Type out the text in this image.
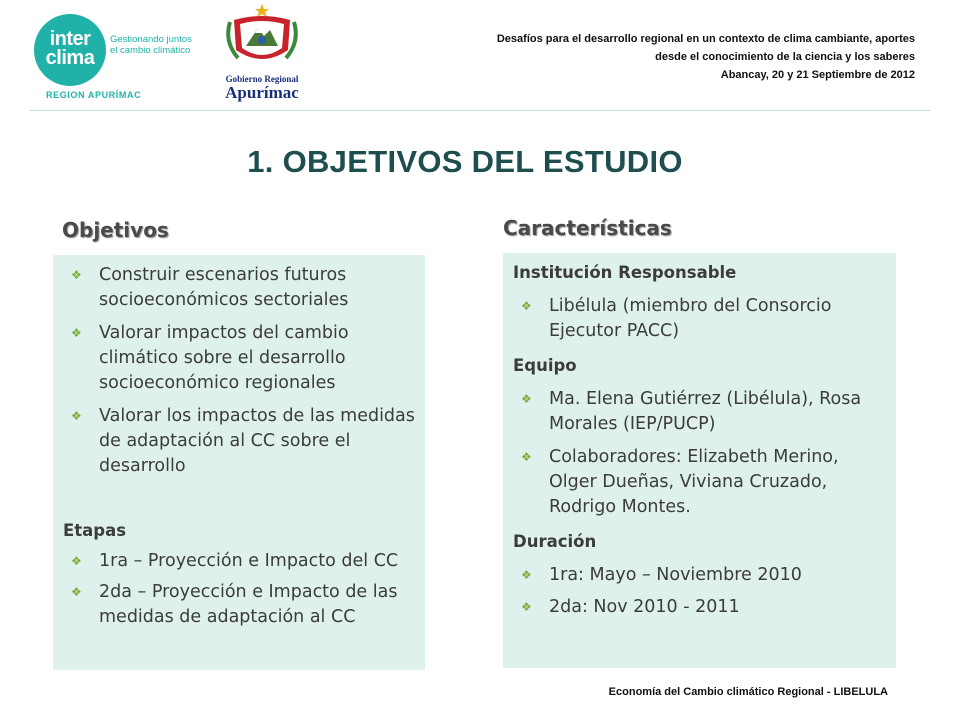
inter
clima
Gestionando juntos el cambio climático
REGION APURÍMAC
Gobierno Regional
Apurímac
Desafíos para el desarrollo regional en un contexto de clima cambiante, aportes
desde el conocimiento de la ciencia y los saberes
Abancay, 20 y 21 Septiembre de 2012
1. OBJETIVOS DEL ESTUDIO
Objetivos
❖ Construir escenarios futuros socioeconómicos sectoriales
❖ Valorar impactos del cambio climático sobre el desarrollo socioeconómico regionales
❖ Valorar los impactos de las medidas de adaptación al CC sobre el desarrollo
Etapas
❖ 1ra – Proyección e Impacto del CC
❖ 2da – Proyección e Impacto de las medidas de adaptación al CC
Características
Institución Responsable
❖ Libélula (miembro del Consorcio Ejecutor PACC)
Equipo
❖ Ma. Elena Gutiérrez (Libélula), Rosa Morales (IEP/PUCP)
❖ Colaboradores: Elizabeth Merino, Olger Dueñas, Viviana Cruzado, Rodrigo Montes.
Duración
❖ 1ra: Mayo – Noviembre 2010
❖ 2da: Nov 2010 - 2011
Economía del Cambio climático Regional - LIBELULA
